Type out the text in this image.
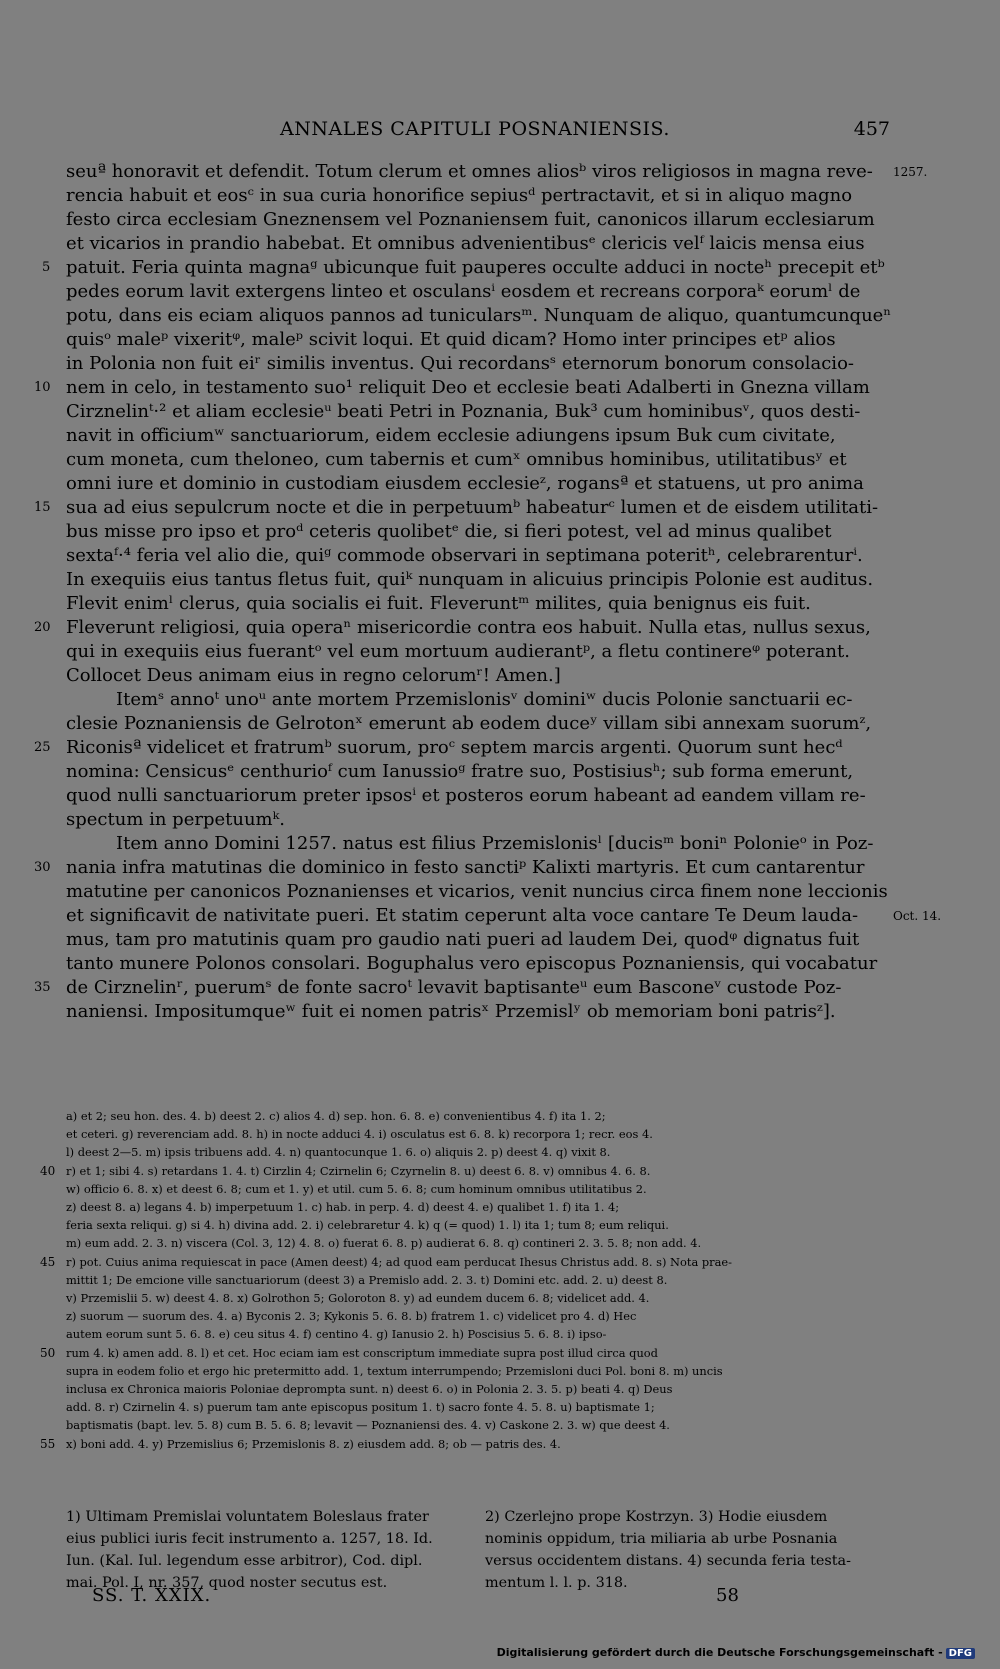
ANNALES CAPITULI POSNANIENSIS.	457
seuª honoravit et defendit. Totum clerum et omnes aliosᵇ viros religiosos in magna reve-
rencia habuit et eosᶜ in sua curia honorifice sepiusᵈ pertractavit, et si in aliquo magno
festo circa ecclesiam Gneznensem vel Poznaniensem fuit, canonicos illarum ecclesiarum
et vicarios in prandio habebat. Et omnibus advenientibusᵉ clericis velᶠ laicis mensa eius
patuit. Feria quinta magnaᵍ ubicunque fuit pauperes occulte adduci in nocteʰ precepit etᵇ
pedes eorum lavit extergens linteo et osculansⁱ eosdem et recreans corporaᵏ eorumˡ de
potu, dans eis eciam aliquos pannos ad tunicularsᵐ. Nunquam de aliquo, quantumcunqueⁿ
quisᵒ maleᵖ vixeritᵠ, maleᵖ scivit loqui. Et quid dicam? Homo inter principes etᵖ alios
in Polonia non fuit eiʳ similis inventus. Qui recordansˢ eternorum bonorum consolacio-
nem in celo, in testamento suo¹ reliquit Deo et ecclesie beati Adalberti in Gnezna villam
Cirznelinᵗ·² et aliam ecclesieᵘ beati Petri in Poznania, Buk³ cum hominibusᵛ, quos desti-
navit in officiumʷ sanctuariorum, eidem ecclesie adiungens ipsum Buk cum civitate,
cum moneta, cum theloneo, cum tabernis et cumˣ omnibus hominibus, utilitatibusʸ et
omni iure et dominio in custodiam eiusdem ecclesieᶻ, rogansª et statuens, ut pro anima
sua ad eius sepulcrum nocte et die in perpetuumᵇ habeaturᶜ lumen et de eisdem utilitati-
bus misse pro ipso et proᵈ ceteris quolibetᵉ die, si fieri potest, vel ad minus qualibet
sextaᶠ·⁴ feria vel alio die, quiᵍ commode observari in septimana poteritʰ, celebrarenturⁱ.
In exequiis eius tantus fletus fuit, quiᵏ nunquam in alicuius principis Polonie est auditus.
Flevit enimˡ clerus, quia socialis ei fuit. Fleveruntᵐ milites, quia benignus eis fuit.
Fleverunt religiosi, quia operaⁿ misericordie contra eos habuit. Nulla etas, nullus sexus,
qui in exequiis eius fuerantᵒ vel eum mortuum audierantᵖ, a fletu continereᵠ poterant.
Collocet Deus animam eius in regno celorumʳ! Amen.]
Itemˢ annoᵗ unoᵘ ante mortem Przemislonisᵛ dominiʷ ducis Polonie sanctuarii ec-
clesie Poznaniensis de Gelrotonˣ emerunt ab eodem duceʸ villam sibi annexam suorumᶻ,
Riconisª videlicet et fratrumᵇ suorum, proᶜ septem marcis argenti. Quorum sunt hecᵈ
nomina: Censicusᵉ centhurioᶠ cum Ianussioᵍ fratre suo, Postisiusʰ; sub forma emerunt,
quod nulli sanctuariorum preter ipsosⁱ et posteros eorum habeant ad eandem villam re-
spectum in perpetuumᵏ.
Item anno Domini 1257. natus est filius Przemislonisˡ [ducisᵐ boniⁿ Polonieᵒ in Poz-
nania infra matutinas die dominico in festo sanctiᵖ Kalixti martyris. Et cum cantarentur
matutine per canonicos Poznanienses et vicarios, venit nuncius circa finem none leccionis
et significavit de nativitate pueri. Et statim ceperunt alta voce cantare Te Deum lauda-
mus, tam pro matutinis quam pro gaudio nati pueri ad laudem Dei, quodᵠ dignatus fuit
tanto munere Polonos consolari. Boguphalus vero episcopus Poznaniensis, qui vocabatur
de Cirznelinʳ, puerumˢ de fonte sacroᵗ levavit baptisanteᵘ eum Basconeᵛ custode Poz-
naniensi. Impositumqueʷ fuit ei nomen patrisˣ Przemislʸ ob memoriam boni patrisᶻ].
5
10
15
20
25
30
35
1257.
Oct. 14.
a) et 2; seu hon. des. 4. b) deest 2. c) alios 4. d) sep. hon. 6. 8. e) convenientibus 4. f) ita 1. 2;
et ceteri. g) reverenciam add. 8. h) in nocte adduci 4. i) osculatus est 6. 8. k) recorpora 1; recr. eos 4.
l) deest 2—5. m) ipsis tribuens add. 4. n) quantocunque 1. 6. o) aliquis 2. p) deest 4. q) vixit 8.
r) et 1; sibi 4. s) retardans 1. 4. t) Cirzlin 4; Czirnelin 6; Czyrnelin 8. u) deest 6. 8. v) omnibus 4. 6. 8.
w) officio 6. 8. x) et deest 6. 8; cum et 1. y) et util. cum 5. 6. 8; cum hominum omnibus utilitatibus 2.
z) deest 8. a) legans 4. b) imperpetuum 1. c) hab. in perp. 4. d) deest 4. e) qualibet 1. f) ita 1. 4;
feria sexta reliqui. g) si 4. h) divina add. 2. i) celebraretur 4. k) q (= quod) 1. l) ita 1; tum 8; eum reliqui.
m) eum add. 2. 3. n) viscera (Col. 3, 12) 4. 8. o) fuerat 6. 8. p) audierat 6. 8. q) contineri 2. 3. 5. 8; non add. 4.
r) pot. Cuius anima requiescat in pace (Amen deest) 4; ad quod eam perducat Ihesus Christus add. 8. s) Nota prae-
mittit 1; De emcione ville sanctuariorum (deest 3) a Premislo add. 2. 3. t) Domini etc. add. 2. u) deest 8.
v) Przemislii 5. w) deest 4. 8. x) Golrothon 5; Goloroton 8. y) ad eundem ducem 6. 8; videlicet add. 4.
z) suorum — suorum des. 4. a) Byconis 2. 3; Kykonis 5. 6. 8. b) fratrem 1. c) videlicet pro 4. d) Hec
autem eorum sunt 5. 6. 8. e) ceu situs 4. f) centino 4. g) Ianusio 2. h) Poscisius 5. 6. 8. i) ipso-
rum 4. k) amen add. 8. l) et cet. Hoc eciam iam est conscriptum immediate supra post illud circa quod
supra in eodem folio et ergo hic pretermitto add. 1, textum interrumpendo; Przemisloni duci Pol. boni 8. m) uncis
inclusa ex Chronica maioris Poloniae deprompta sunt. n) deest 6. o) in Polonia 2. 3. 5. p) beati 4. q) Deus
add. 8. r) Czirnelin 4. s) puerum tam ante episcopus positum 1. t) sacro fonte 4. 5. 8. u) baptismate 1;
baptismatis (bapt. lev. 5. 8) cum B. 5. 6. 8; levavit — Poznaniensi des. 4. v) Caskone 2. 3. w) que deest 4.
x) boni add. 4. y) Przemislius 6; Przemislonis 8. z) eiusdem add. 8; ob — patris des. 4.
40
45
50
55
1) Ultimam Premislai voluntatem Boleslaus frater
eius publici iuris fecit instrumento a. 1257, 18. Id.
Iun. (Kal. Iul. legendum esse arbitror), Cod. dipl.
mai. Pol. I, nr. 357, quod noster secutus est.
2) Czerlejno prope Kostrzyn. 3) Hodie eiusdem
nominis oppidum, tria miliaria ab urbe Posnania
versus occidentem distans. 4) secunda feria testa-
mentum l. l. p. 318.
SS. T. XXIX.	58
Digitalisierung gefördert durch die Deutsche Forschungsgemeinschaft - DFG
